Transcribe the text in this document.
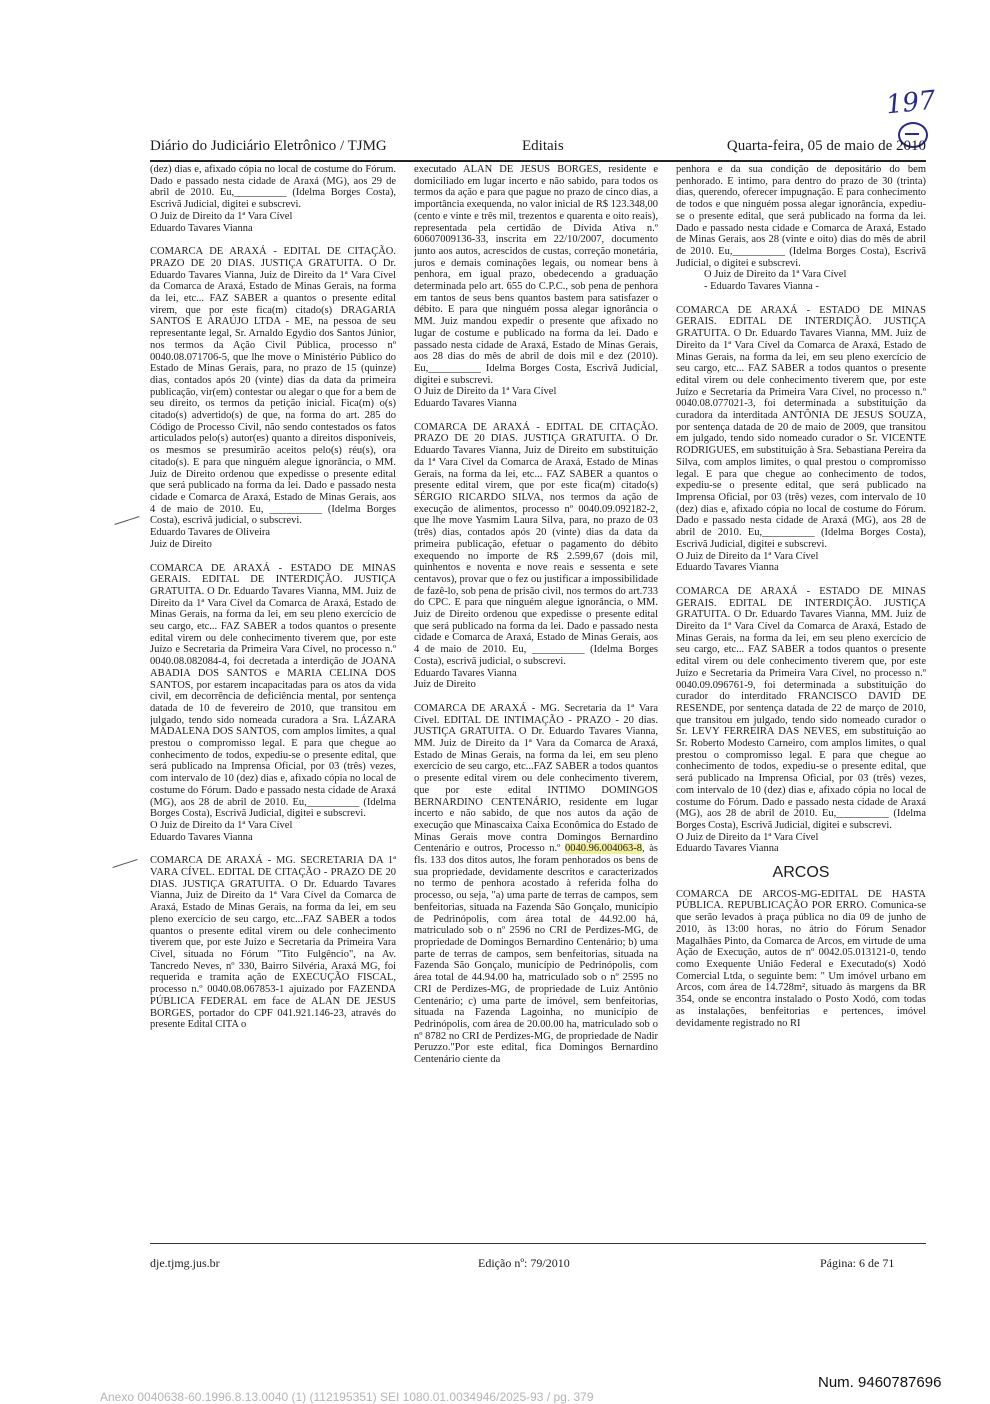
197
Diário do Judiciário Eletrônico / TJMG	Editais	Quarta-feira, 05 de maio de 2010

(dez) dias e, afixado cópia no local de costume do Fórum. Dado e passado nesta cidade de Araxá (MG), aos 29 de abril de 2010. Eu,__________ (Idelma Borges Costa), Escrivã Judicial, digitei e subscrevi.
O Juiz de Direito da 1ª Vara Cível
Eduardo Tavares Vianna

COMARCA DE ARAXÁ - EDITAL DE CITAÇÃO. PRAZO DE 20 DIAS. JUSTIÇA GRATUITA. O Dr. Eduardo Tavares Vianna, Juiz de Direito da 1ª Vara Cível da Comarca de Araxá, Estado de Minas Gerais, na forma da lei, etc... FAZ SABER a quantos o presente edital virem, que por este fica(m) citado(s) DRAGARIA SANTOS E ARAÚJO LTDA - ME, na pessoa de seu representante legal, Sr. Arnaldo Egydio dos Santos Júnior, nos termos da Ação Civil Pública, processo nº 0040.08.071706-5, que lhe move o Ministério Público do Estado de Minas Gerais, para, no prazo de 15 (quinze) dias, contados após 20 (vinte) dias da data da primeira publicação, vir(em) contestar ou alegar o que for a bem de seu direito, os termos da petição inicial. Fica(m) o(s) citado(s) advertido(s) de que, na forma do art. 285 do Código de Processo Civil, não sendo contestados os fatos articulados pelo(s) autor(es) quanto a direitos disponíveis, os mesmos se presumirão aceitos pelo(s) réu(s), ora citado(s). E para que ninguém alegue ignorância, o MM. Juiz de Direito ordenou que expedisse o presente edital que será publicado na forma da lei. Dado e passado nesta cidade e Comarca de Araxá, Estado de Minas Gerais, aos 4 de maio de 2010. Eu, __________ (Idelma Borges Costa), escrivã judicial, o subscrevi.
Eduardo Tavares de Oliveira
Juiz de Direito

COMARCA DE ARAXÁ - ESTADO DE MINAS GERAIS. EDITAL DE INTERDIÇÃO. JUSTIÇA GRATUITA. O Dr. Eduardo Tavares Vianna, MM. Juiz de Direito da 1ª Vara Cível da Comarca de Araxá, Estado de Minas Gerais, na forma da lei, em seu pleno exercício de seu cargo, etc... FAZ SABER a todos quantos o presente edital virem ou dele conhecimento tiverem que, por este Juízo e Secretaria da Primeira Vara Cível, no processo n.º 0040.08.082084-4, foi decretada a interdição de JOANA ABADIA DOS SANTOS e MARIA CELINA DOS SANTOS, por estarem incapacitadas para os atos da vida civil, em decorrência de deficiência mental, por sentença datada de 10 de fevereiro de 2010, que transitou em julgado, tendo sido nomeada curadora a Sra. LÁZARA MADALENA DOS SANTOS, com amplos limites, a qual prestou o compromisso legal. E para que chegue ao conhecimento de todos, expediu-se o presente edital, que será publicado na Imprensa Oficial, por 03 (três) vezes, com intervalo de 10 (dez) dias e, afixado cópia no local de costume do Fórum. Dado e passado nesta cidade de Araxá (MG), aos 28 de abril de 2010. Eu,__________ (Idelma Borges Costa), Escrivã Judicial, digitei e subscrevi.
O Juiz de Direito da 1ª Vara Cível
Eduardo Tavares Vianna

COMARCA DE ARAXÁ - MG. SECRETARIA DA 1ª VARA CÍVEL. EDITAL DE CITAÇÃO - PRAZO DE 20 DIAS. JUSTIÇA GRATUITA. O Dr. Eduardo Tavares Vianna, Juiz de Direito da 1ª Vara Cível da Comarca de Araxá, Estado de Minas Gerais, na forma da lei, em seu pleno exercício de seu cargo, etc...FAZ SABER a todos quantos o presente edital virem ou dele conhecimento tiverem que, por este Juízo e Secretaria da Primeira Vara Cível, situada no Fórum "Tito Fulgêncio", na Av. Tancredo Neves, nº 330, Bairro Silvéria, Araxá MG, foi requerida e tramita ação de EXECUÇÃO FISCAL, processo n.º 0040.08.067853-1 ajuizado por FAZENDA PÚBLICA FEDERAL em face de ALAN DE JESUS BORGES, portador do CPF 041.921.146-23, através do presente Edital CITA o

executado ALAN DE JESUS BORGES, residente e domiciliado em lugar incerto e não sabido, para todos os termos da ação e para que pague no prazo de cinco dias, a importância exequenda, no valor inicial de R$ 123.348,00 (cento e vinte e três mil, trezentos e quarenta e oito reais), representada pela certidão de Dívida Ativa n.º 60607009136-33, inscrita em 22/10/2007, documento junto aos autos, acrescidos de custas, correção monetária, juros e demais cominações legais, ou nomear bens à penhora, em igual prazo, obedecendo a graduação determinada pelo art. 655 do C.P.C., sob pena de penhora em tantos de seus bens quantos bastem para satisfazer o débito. E para que ninguém possa alegar ignorância o MM. Juiz mandou expedir o presente que afixado no lugar de costume e publicado na forma da lei. Dado e passado nesta cidade de Araxá, Estado de Minas Gerais, aos 28 dias do mês de abril de dois mil e dez (2010). Eu,__________ Idelma Borges Costa, Escrivã Judicial, digitei e subscrevi.
O Juiz de Direito da 1ª Vara Cível
Eduardo Tavares Vianna

COMARCA DE ARAXÁ - EDITAL DE CITAÇÃO. PRAZO DE 20 DIAS. JUSTIÇA GRATUITA. O Dr. Eduardo Tavares Vianna, Juiz de Direito em substituição da 1ª Vara Cível da Comarca de Araxá, Estado de Minas Gerais, na forma da lei, etc... FAZ SABER a quantos o presente edital virem, que por este fica(m) citado(s) SÉRGIO RICARDO SILVA, nos termos da ação de execução de alimentos, processo nº 0040.09.092182-2, que lhe move Yasmim Laura Silva, para, no prazo de 03 (três) dias, contados após 20 (vinte) dias da data da primeira publicação, efetuar o pagamento do débito exequendo no importe de R$ 2.599,67 (dois mil, quinhentos e noventa e nove reais e sessenta e sete centavos), provar que o fez ou justificar a impossibilidade de fazê-lo, sob pena de prisão civil, nos termos do art.733 do CPC. E para que ninguém alegue ignorância, o MM. Juiz de Direito ordenou que expedisse o presente edital que será publicado na forma da lei. Dado e passado nesta cidade e Comarca de Araxá, Estado de Minas Gerais, aos 4 de maio de 2010. Eu, __________ (Idelma Borges Costa), escrivã judicial, o subscrevi.
Eduardo Tavares Vianna
Juiz de Direito

COMARCA DE ARAXÁ - MG. Secretaria da 1ª Vara Cível. EDITAL DE INTIMAÇÃO - PRAZO - 20 dias. JUSTIÇA GRATUITA. O Dr. Eduardo Tavares Vianna, MM. Juiz de Direito da 1ª Vara da Comarca de Araxá, Estado de Minas Gerais, na forma da lei, em seu pleno exercício de seu cargo, etc...FAZ SABER a todos quantos o presente edital virem ou dele conhecimento tiverem, que por este edital INTIMO DOMINGOS BERNARDINO CENTENÁRIO, residente em lugar incerto e não sabido, de que nos autos da ação de execução que Minascaixa Caixa Econômica do Estado de Minas Gerais move contra Domingos Bernardino Centenário e outros, Processo n.º 0040.96.004063-8, às fls. 133 dos ditos autos, lhe foram penhorados os bens de sua propriedade, devidamente descritos e caracterizados no termo de penhora acostado à referida folha do processo, ou seja, "a) uma parte de terras de campos, sem benfeitorias, situada na Fazenda São Gonçalo, município de Pedrinópolis, com área total de 44.92.00 há, matriculado sob o nº 2596 no CRI de Perdizes-MG, de propriedade de Domingos Bernardino Centenário; b) uma parte de terras de campos, sem benfeitorias, situada na Fazenda São Gonçalo, município de Pedrinópolis, com área total de 44.94.00 ha, matriculado sob o nº 2595 no CRI de Perdizes-MG, de propriedade de Luiz Antônio Centenário; c) uma parte de imóvel, sem benfeitorias, situada na Fazenda Lagoinha, no município de Pedrinópolis, com área de 20.00.00 ha, matriculado sob o nº 8782 no CRI de Perdizes-MG, de propriedade de Nadir Peruzzo."Por este edital, fica Domingos Bernardino Centenário ciente da

penhora e da sua condição de depositário do bem penhorado. E intimo, para dentro do prazo de 30 (trinta) dias, querendo, oferecer impugnação. E para conhecimento de todos e que ninguém possa alegar ignorância, expediu-se o presente edital, que será publicado na forma da lei. Dado e passado nesta cidade e Comarca de Araxá, Estado de Minas Gerais, aos 28 (vinte e oito) dias do mês de abril de 2010. Eu,__________ (Idelma Borges Costa), Escrivã Judicial, o digitei e subscrevi.
O Juiz de Direito da 1ª Vara Cível
- Eduardo Tavares Vianna -

COMARCA DE ARAXÁ - ESTADO DE MINAS GERAIS. EDITAL DE INTERDIÇÃO. JUSTIÇA GRATUITA. O Dr. Eduardo Tavares Vianna, MM. Juiz de Direito da 1ª Vara Cível da Comarca de Araxá, Estado de Minas Gerais, na forma da lei, em seu pleno exercício de seu cargo, etc... FAZ SABER a todos quantos o presente edital virem ou dele conhecimento tiverem que, por este Juízo e Secretaria da Primeira Vara Cível, no processo n.º 0040.08.077021-3, foi determinada a substituição da curadora da interditada ANTÔNIA DE JESUS SOUZA, por sentença datada de 20 de maio de 2009, que transitou em julgado, tendo sido nomeado curador o Sr. VICENTE RODRIGUES, em substituição à Sra. Sebastiana Pereira da Silva, com amplos limites, o qual prestou o compromisso legal. E para que chegue ao conhecimento de todos, expediu-se o presente edital, que será publicado na Imprensa Oficial, por 03 (três) vezes, com intervalo de 10 (dez) dias e, afixado cópia no local de costume do Fórum. Dado e passado nesta cidade de Araxá (MG), aos 28 de abril de 2010. Eu,__________ (Idelma Borges Costa), Escrivã Judicial, digitei e subscrevi.
O Juiz de Direito da 1ª Vara Cível
Eduardo Tavares Vianna

COMARCA DE ARAXÁ - ESTADO DE MINAS GERAIS. EDITAL DE INTERDIÇÃO. JUSTIÇA GRATUITA. O Dr. Eduardo Tavares Vianna, MM. Juiz de Direito da 1ª Vara Cível da Comarca de Araxá, Estado de Minas Gerais, na forma da lei, em seu pleno exercício de seu cargo, etc... FAZ SABER a todos quantos o presente edital virem ou dele conhecimento tiverem que, por este Juízo e Secretaria da Primeira Vara Cível, no processo n.º 0040.09.096761-9, foi determinada a substituição do curador do interditado FRANCISCO DAVID DE RESENDE, por sentença datada de 22 de março de 2010, que transitou em julgado, tendo sido nomeado curador o Sr. LEVY FERREIRA DAS NEVES, em substituição ao Sr. Roberto Modesto Carneiro, com amplos limites, o qual prestou o compromisso legal. E para que chegue ao conhecimento de todos, expediu-se o presente edital, que será publicado na Imprensa Oficial, por 03 (três) vezes, com intervalo de 10 (dez) dias e, afixado cópia no local de costume do Fórum. Dado e passado nesta cidade de Araxá (MG), aos 28 de abril de 2010. Eu,__________ (Idelma Borges Costa), Escrivã Judicial, digitei e subscrevi.
O Juiz de Direito da 1ª Vara Cível
Eduardo Tavares Vianna

ARCOS

COMARCA DE ARCOS-MG-EDITAL DE HASTA PÚBLICA. REPUBLICAÇÃO POR ERRO. Comunica-se que serão levados à praça pública no dia 09 de junho de 2010, às 13:00 horas, no átrio do Fórum Senador Magalhães Pinto, da Comarca de Arcos, em virtude de uma Ação de Execução, autos de nº 0042.05.013121-0, tendo como Exequente União Federal e Executado(s) Xodó Comercial Ltda, o seguinte bem: " Um imóvel urbano em Arcos, com área de 14.728m², situado às margens da BR 354, onde se encontra instalado o Posto Xodó, com todas as instalações, benfeitorias e pertences, imóvel devidamente registrado no RI

dje.tjmg.jus.br	Edição nº: 79/2010	Página: 6 de 71
Num. 9460787696
Anexo 0040638-60.1996.8.13.0040 (1) (112195351) SEI 1080.01.0034946/2025-93 / pg. 379
